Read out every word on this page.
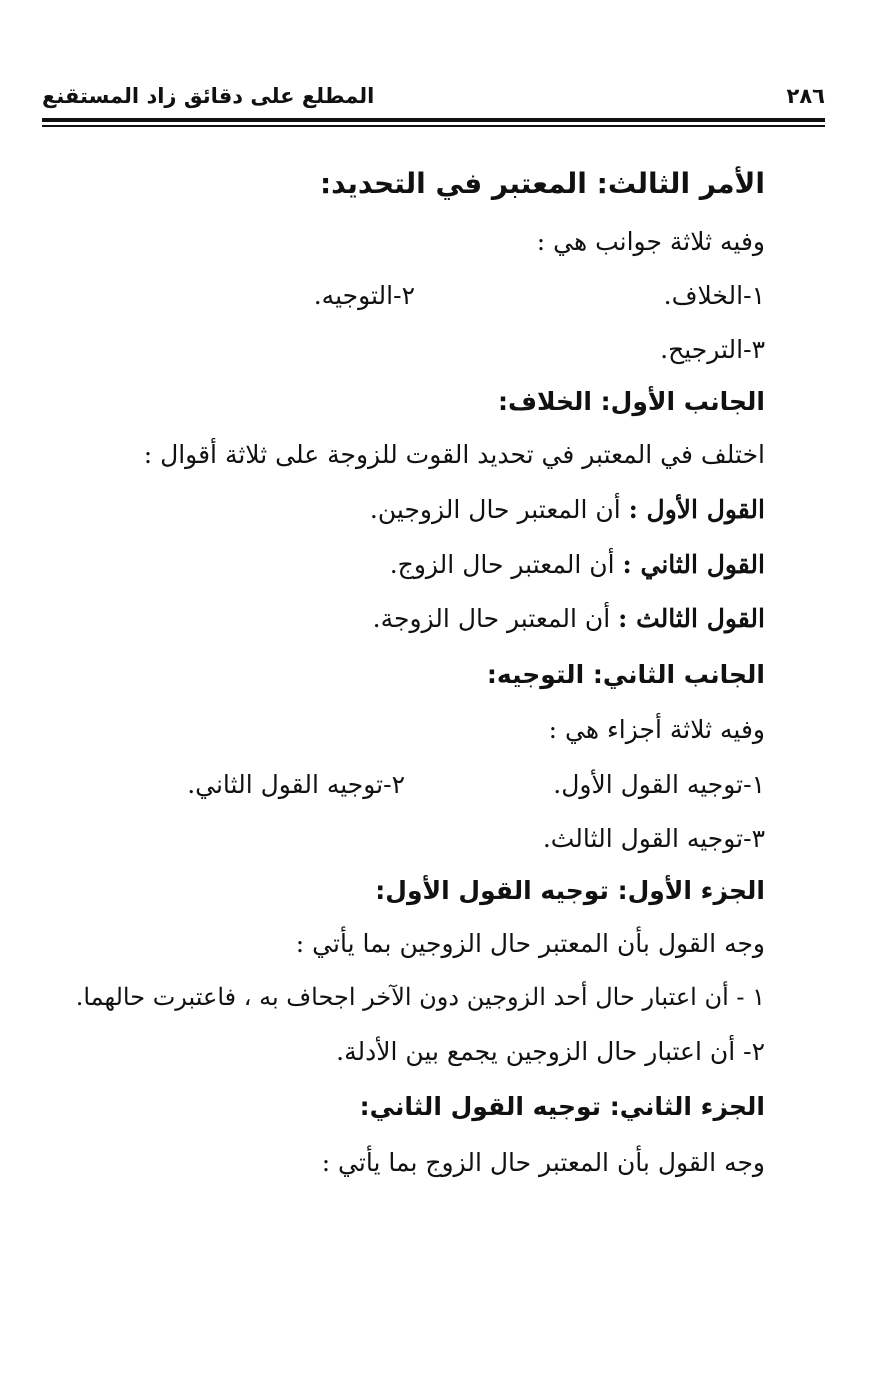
٢٨٦
المطلع على دقائق زاد المستقنع
الأمر الثالث: المعتبر في التحديد:
وفيه ثلاثة جوانب هي :
١-الخلاف.
٢-التوجيه.
٣-الترجيح.
الجانب الأول: الخلاف:
اختلف في المعتبر في تحديد القوت للزوجة على ثلاثة أقوال :
القول الأول : أن المعتبر حال الزوجين.
القول الثاني : أن المعتبر حال الزوج.
القول الثالث : أن المعتبر حال الزوجة.
الجانب الثاني: التوجيه:
وفيه ثلاثة أجزاء هي :
١-توجيه القول الأول.
٢-توجيه القول الثاني.
٣-توجيه القول الثالث.
الجزء الأول: توجيه القول الأول:
وجه القول بأن المعتبر حال الزوجين بما يأتي :
١ - أن اعتبار حال أحد الزوجين دون الآخر اجحاف به ، فاعتبرت حالهما.
٢- أن اعتبار حال الزوجين يجمع بين الأدلة.
الجزء الثاني: توجيه القول الثاني:
وجه القول بأن المعتبر حال الزوج بما يأتي :
